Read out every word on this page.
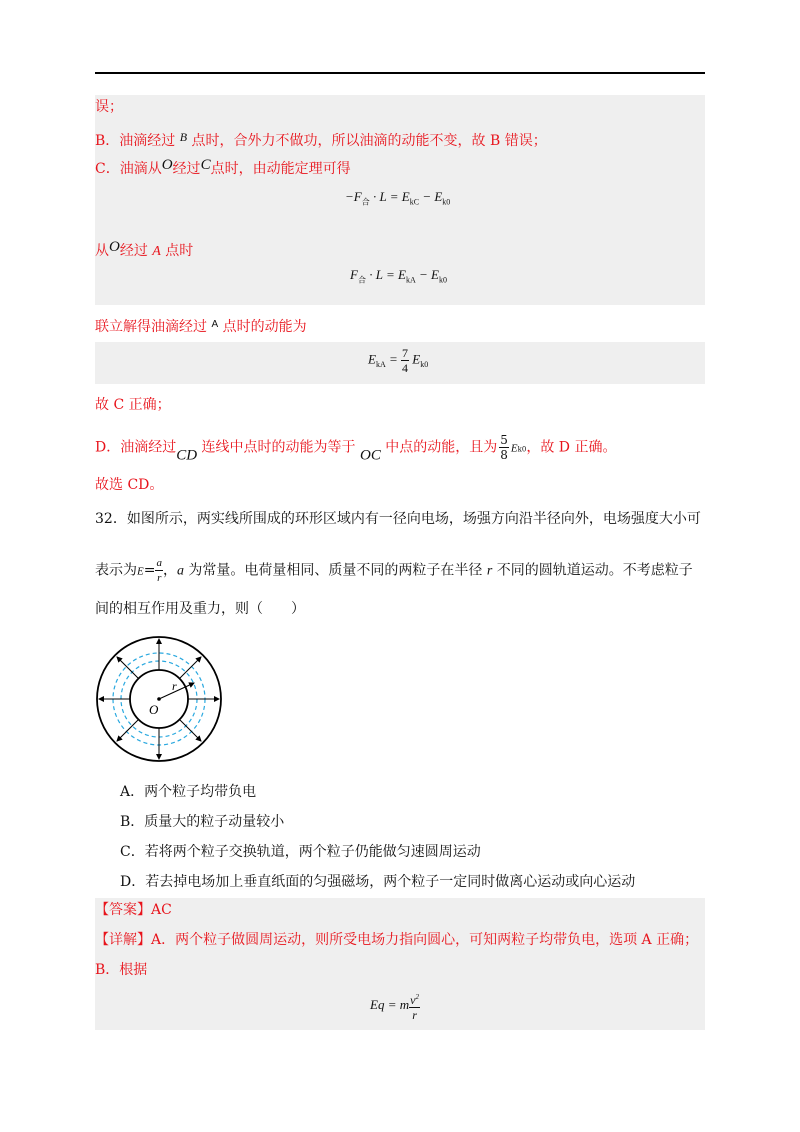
误；
B．油滴经过 B 点时，合外力不做功，所以油滴的动能不变，故 B 错误；
C．油滴从O经过C点时，由动能定理可得
$-F_合 \cdot L = E_{kC} - E_{k0}$
从O经过 A 点时
$F_合 \cdot L = E_{kA} - E_{k0}$
联立解得油滴经过 $^A$ 点时的动能为
$E_{kA} = \frac{7}{4} E_{k0}$
故 C 正确；
D．油滴经过CD 连线中点时的动能为等于 OC 中点的动能，且为 $\frac{5}{8} Ek0$，故 D 正确。
故选 CD。
32．如图所示，两实线所围成的环形区域内有一径向电场，场强方向沿半径向外，电场强度大小可
表示为$E= \frac{a}{r}$ ，a 为常量。电荷量相同、质量不同的两粒子在半径 r 不同的圆轨道运动。不考虑粒子
间的相互作用及重力，则（　　）
O
r
A．两个粒子均带负电
B．质量大的粒子动量较小
C．若将两个粒子交换轨道，两个粒子仍能做匀速圆周运动
D．若去掉电场加上垂直纸面的匀强磁场，两个粒子一定同时做离心运动或向心运动
【答案】AC
【详解】A．两个粒子做圆周运动，则所受电场力指向圆心，可知两粒子均带负电，选项 A 正确；
B．根据
Eq = m $\frac{v^2}{r}$
